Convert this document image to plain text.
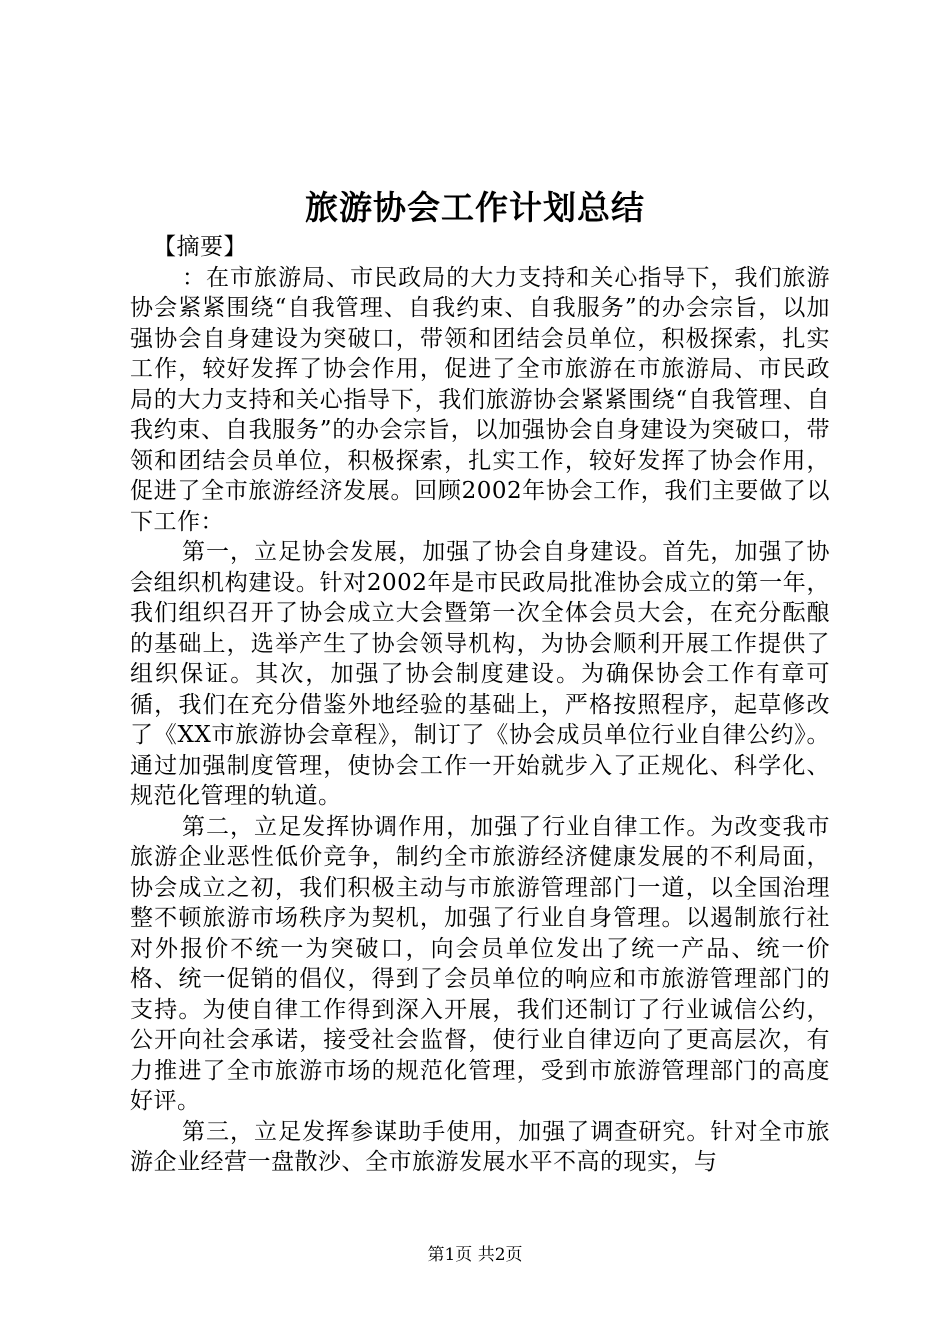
旅游协会工作计划总结

【摘要】

：在市旅游局、市民政局的大力支持和关心指导下，我们旅游协会紧紧围绕“自我管理、自我约束、自我服务”的办会宗旨，以加强协会自身建设为突破口，带领和团结会员单位，积极探索，扎实工作，较好发挥了协会作用，促进了全市旅游在市旅游局、市民政局的大力支持和关心指导下，我们旅游协会紧紧围绕“自我管理、自我约束、自我服务”的办会宗旨，以加强协会自身建设为突破口，带领和团结会员单位，积极探索，扎实工作，较好发挥了协会作用，促进了全市旅游经济发展。回顾2002年协会工作，我们主要做了以下工作：

第一，立足协会发展，加强了协会自身建设。首先，加强了协会组织机构建设。针对2002年是市民政局批准协会成立的第一年，我们组织召开了协会成立大会暨第一次全体会员大会，在充分酝酿的基础上，选举产生了协会领导机构，为协会顺利开展工作提供了组织保证。其次，加强了协会制度建设。为确保协会工作有章可循，我们在充分借鉴外地经验的基础上，严格按照程序，起草修改了《XX市旅游协会章程》，制订了《协会成员单位行业自律公约》。通过加强制度管理，使协会工作一开始就步入了正规化、科学化、规范化管理的轨道。

第二，立足发挥协调作用，加强了行业自律工作。为改变我市旅游企业恶性低价竞争，制约全市旅游经济健康发展的不利局面，协会成立之初，我们积极主动与市旅游管理部门一道，以全国治理整不顿旅游市场秩序为契机，加强了行业自身管理。以遏制旅行社对外报价不统一为突破口，向会员单位发出了统一产品、统一价格、统一促销的倡仪，得到了会员单位的响应和市旅游管理部门的支持。为使自律工作得到深入开展，我们还制订了行业诚信公约，公开向社会承诺，接受社会监督，使行业自律迈向了更高层次，有力推进了全市旅游市场的规范化管理，受到市旅游管理部门的高度好评。

第三，立足发挥参谋助手使用，加强了调查研究。针对全市旅游企业经营一盘散沙、全市旅游发展水平不高的现实，与

第1页 共2页
